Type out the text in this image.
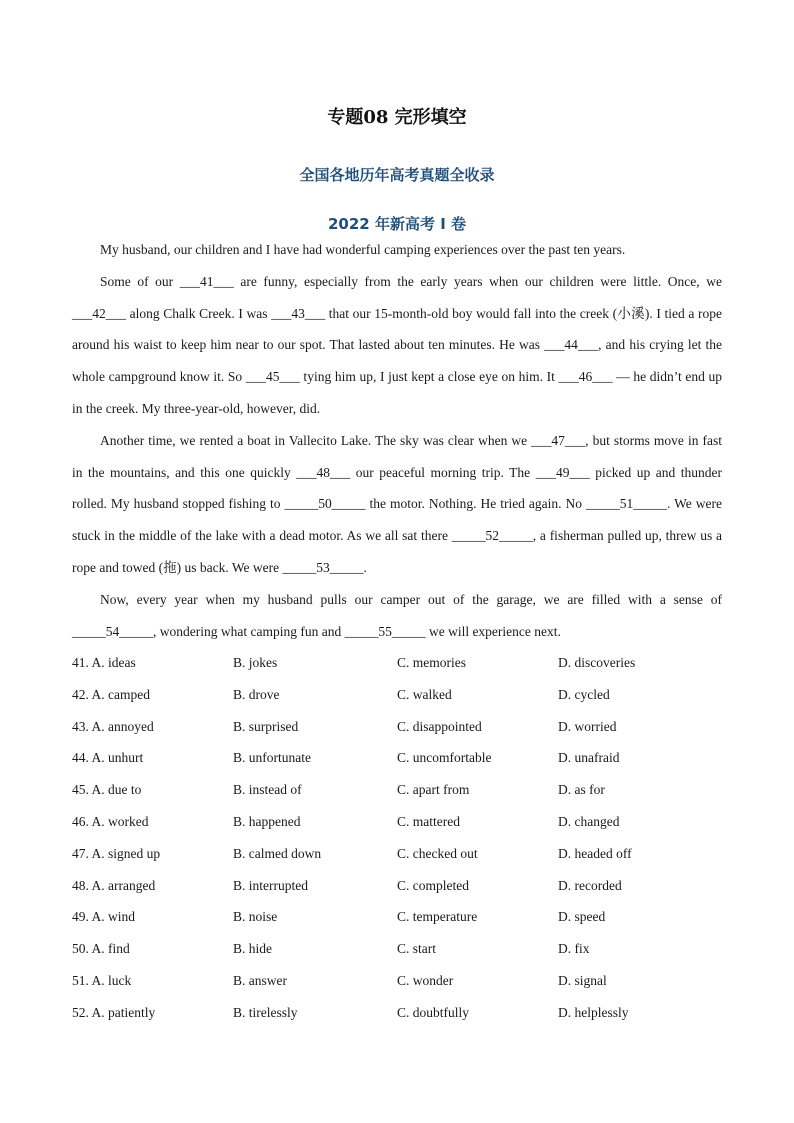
专题08 完形填空
全国各地历年高考真题全收录
2022 年新高考 I 卷

My husband, our children and I have had wonderful camping experiences over the past ten years.

Some of our ___41___ are funny, especially from the early years when our children were little. Once, we ___42___ along Chalk Creek. I was ___43___ that our 15-month-old boy would fall into the creek (小溪). I tied a rope around his waist to keep him near to our spot. That lasted about ten minutes. He was ___44___, and his crying let the whole campground know it. So ___45___ tying him up, I just kept a close eye on him. It ___46___ — he didn’t end up in the creek. My three-year-old, however, did.

Another time, we rented a boat in Vallecito Lake. The sky was clear when we ___47___, but storms move in fast in the mountains, and this one quickly ___48___ our peaceful morning trip. The ___49___ picked up and thunder rolled. My husband stopped fishing to _____50_____ the motor. Nothing. He tried again. No _____51_____. We were stuck in the middle of the lake with a dead motor. As we all sat there _____52_____, a fisherman pulled up, threw us a rope and towed (拖) us back. We were _____53_____.

Now, every year when my husband pulls our camper out of the garage, we are filled with a sense of _____54_____, wondering what camping fun and _____55_____ we will experience next.

41. A. ideas	B. jokes	C. memories	D. discoveries
42. A. camped	B. drove	C. walked	D. cycled
43. A. annoyed	B. surprised	C. disappointed	D. worried
44. A. unhurt	B. unfortunate	C. uncomfortable	D. unafraid
45. A. due to	B. instead of	C. apart from	D. as for
46. A. worked	B. happened	C. mattered	D. changed
47. A. signed up	B. calmed down	C. checked out	D. headed off
48. A. arranged	B. interrupted	C. completed	D. recorded
49. A. wind	B. noise	C. temperature	D. speed
50. A. find	B. hide	C. start	D. fix
51. A. luck	B. answer	C. wonder	D. signal
52. A. patiently	B. tirelessly	C. doubtfully	D. helplessly
